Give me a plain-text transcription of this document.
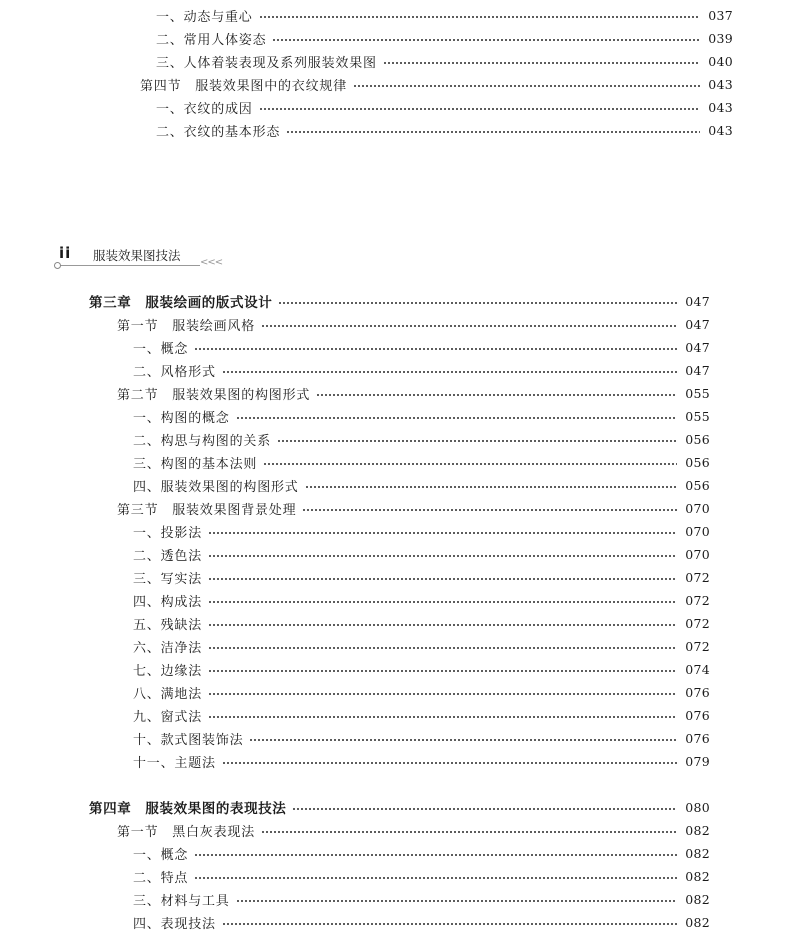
一、动态与重心	037
二、常用人体姿态	039
三、人体着装表现及系列服装效果图	040
第四节　服装效果图中的衣纹规律	043
一、衣纹的成因	043
二、衣纹的基本形态	043
ii 服装效果图技法 <<<
第三章　服装绘画的版式设计	047
第一节　服装绘画风格	047
一、概念	047
二、风格形式	047
第二节　服装效果图的构图形式	055
一、构图的概念	055
二、构思与构图的关系	056
三、构图的基本法则	056
四、服装效果图的构图形式	056
第三节　服装效果图背景处理	070
一、投影法	070
二、透色法	070
三、写实法	072
四、构成法	072
五、残缺法	072
六、洁净法	072
七、边缘法	074
八、满地法	076
九、窗式法	076
十、款式图装饰法	076
十一、主题法	079
第四章　服装效果图的表现技法	080
第一节　黑白灰表现法	082
一、概念	082
二、特点	082
三、材料与工具	082
四、表现技法	082
